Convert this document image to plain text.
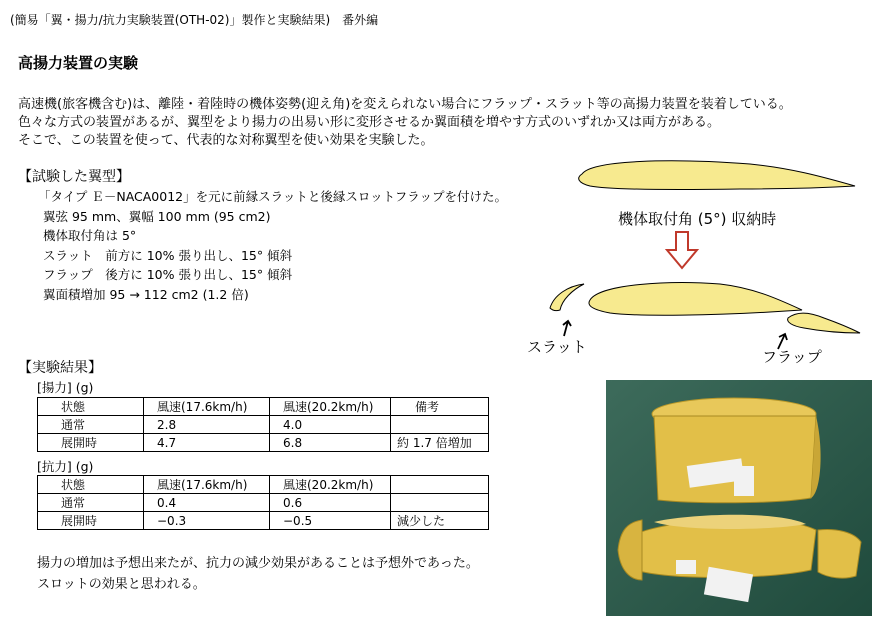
(簡易「翼・揚力/抗力実験装置(OTH-02)」製作と実験結果)　番外編
高揚力装置の実験
高速機(旅客機含む)は、離陸・着陸時の機体姿勢(迎え角)を変えられない場合にフラップ・スラット等の高揚力装置を装着している。
色々な方式の装置があるが、翼型をより揚力の出易い形に変形させるか翼面積を増やす方式のいずれか又は両方がある。
そこで、この装置を使って、代表的な対称翼型を使い効果を実験した。
【試験した翼型】
「タイプ Ｅ－NACA0012」を元に前縁スラットと後縁スロットフラップを付けた。
翼弦 95 mm、翼幅 100 mm (95 cm2)
機体取付角は 5°
スラット　前方に 10% 張り出し、15° 傾斜
フラップ　後方に 10% 張り出し、15° 傾斜
翼面積増加 95 → 112 cm2 (1.2 倍)
機体取付角 (5°) 収納時
スラット
フラップ
【実験結果】
[揚力] (g)
状態	風速(17.6km/h)	風速(20.2km/h)	備考
通常	2.8	4.0	
展開時	4.7	6.8	約 1.7 倍増加
[抗力] (g)
状態	風速(17.6km/h)	風速(20.2km/h)	
通常	0.4	0.6	
展開時	−0.3	−0.5	減少した
揚力の増加は予想出来たが、抗力の減少効果があることは予想外であった。
スロットの効果と思われる。
